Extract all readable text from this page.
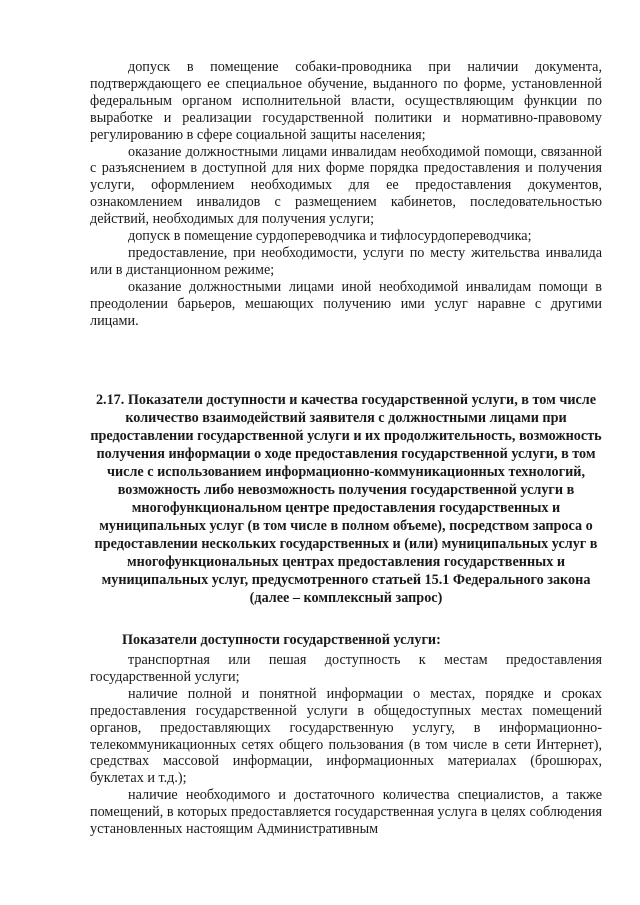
допуск в помещение собаки-проводника при наличии документа, подтверждающего ее специальное обучение, выданного по форме, установленной федеральным органом исполнительной власти, осуществляющим функции по выработке и реализации государственной политики и нормативно-правовому регулированию в сфере социальной защиты населения;

оказание должностными лицами инвалидам необходимой помощи, связанной с разъяснением в доступной для них форме порядка предоставления и получения услуги, оформлением необходимых для ее предоставления документов, ознакомлением инвалидов с размещением кабинетов, последовательностью действий, необходимых для получения услуги;

допуск в помещение сурдопереводчика и тифлосурдопереводчика;

предоставление, при необходимости, услуги по месту жительства инвалида или в дистанционном режиме;

оказание должностными лицами иной необходимой инвалидам помощи в преодолении барьеров, мешающих получению ими услуг наравне с другими лицами.

2.17. Показатели доступности и качества государственной услуги, в том числе количество взаимодействий заявителя с должностными лицами при предоставлении государственной услуги и их продолжительность, возможность получения информации о ходе предоставления государственной услуги, в том числе с использованием информационно-коммуникационных технологий, возможность либо невозможность получения государственной услуги в многофункциональном центре предоставления государственных и муниципальных услуг (в том числе в полном объеме), посредством запроса о предоставлении нескольких государственных и (или) муниципальных услуг в многофункциональных центрах предоставления государственных и муниципальных услуг, предусмотренного статьей 15.1 Федерального закона (далее – комплексный запрос)

Показатели доступности государственной услуги:

транспортная или пешая доступность к местам предоставления государственной услуги;

наличие полной и понятной информации о местах, порядке и сроках предоставления государственной услуги в общедоступных местах помещений органов, предоставляющих государственную услугу, в информационно-телекоммуникационных сетях общего пользования (в том числе в сети Интернет), средствах массовой информации, информационных материалах (брошюрах, буклетах и т.д.);

наличие необходимого и достаточного количества специалистов, а также помещений, в которых предоставляется государственная услуга в целях соблюдения установленных настоящим Административным
